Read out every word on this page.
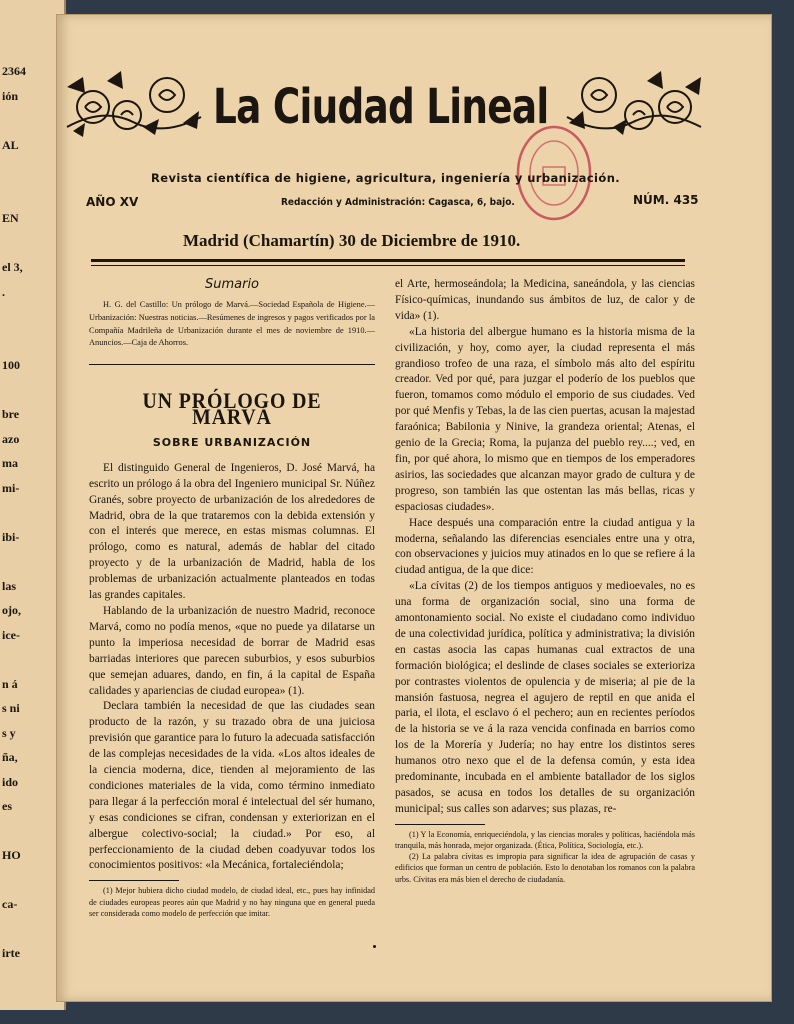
2364
ión
AL
EN
el 3,
.
100
bre
azo
ma
mi-
ibi-
las
ojo,
ice-
n á
s ni
s y
ña,
ido
es
HO
ca-
irte
La Ciudad Lineal
Revista científica de higiene, agricultura, ingeniería y urbanización.
AÑO XV	Redacción y Administración: Cagasca, 6, bajo.	NÚM. 435
Madrid (Chamartín) 30 de Diciembre de 1910.
Sumario

H. G. del Castillo: Un prólogo de Marvá.—Sociedad Española de Higiene.—Urbanización: Nuestras noticias.—Resúmenes de ingresos y pagos verificados por la Compañía Madrileña de Urbanización durante el mes de noviembre de 1910.—Anuncios.—Caja de Ahorros.

UN PRÓLOGO DE MARVÁ
SOBRE URBANIZACIÓN

El distinguido General de Ingenieros, D. José Marvá, ha escrito un prólogo á la obra del Ingeniero municipal Sr. Núñez Granés, sobre proyecto de urbanización de los alrededores de Madrid, obra de la que trataremos con la debida extensión y con el interés que merece, en estas mismas columnas. El prólogo, como es natural, además de hablar del citado proyecto y de la urbanización de Madrid, habla de los problemas de urbanización actualmente planteados en todas las grandes capitales.

Hablando de la urbanización de nuestro Madrid, reconoce Marvá, como no podía menos, «que no puede ya dilatarse un punto la imperiosa necesidad de borrar de Madrid esas barriadas interiores que parecen suburbios, y esos suburbios que semejan aduares, dando, en fin, á la capital de España calidades y apariencias de ciudad europea» (1).

Declara también la necesidad de que las ciudades sean producto de la razón, y su trazado obra de una juiciosa previsión que garantice para lo futuro la adecuada satisfacción de las complejas necesidades de la vida. «Los altos ideales de la ciencia moderna, dice, tienden al mejoramiento de las condiciones materiales de la vida, como término inmediato para llegar á la perfección moral é intelectual del sér humano, y esas condiciones se cifran, condensan y exteriorizan en el albergue colectivo-social; la ciudad.» Por eso, al perfeccionamiento de la ciudad deben coadyuvar todos los conocimientos positivos: «la Mecánica, fortaleciéndola;

(1) Mejor hubiera dicho ciudad modelo, de ciudad ideal, etc., pues hay infinidad de ciudades europeas peores aún que Madrid y no hay ninguna que en general pueda ser considerada como modelo de perfección que imitar.

el Arte, hermoseándola; la Medicina, saneándola, y las ciencias Físico-químicas, inundando sus ámbitos de luz, de calor y de vida» (1).

«La historia del albergue humano es la historia misma de la civilización, y hoy, como ayer, la ciudad representa el más grandioso trofeo de una raza, el símbolo más alto del espíritu creador. Ved por qué, para juzgar el poderío de los pueblos que fueron, tomamos como módulo el emporio de sus ciudades. Ved por qué Menfis y Tebas, la de las cien puertas, acusan la majestad faraónica; Babilonia y Ninive, la grandeza oriental; Atenas, el genio de la Grecia; Roma, la pujanza del pueblo rey....; ved, en fin, por qué ahora, lo mismo que en tiempos de los emperadores asirios, las sociedades que alcanzan mayor grado de cultura y de progreso, son también las que ostentan las más bellas, ricas y espaciosas ciudades».

Hace después una comparación entre la ciudad antigua y la moderna, señalando las diferencias esenciales entre una y otra, con observaciones y juicios muy atinados en lo que se refiere á la ciudad antigua, de la que dice:

«La cívitas (2) de los tiempos antiguos y medioevales, no es una forma de organización social, sino una forma de amontonamiento social. No existe el ciudadano como individuo de una colectividad jurídica, política y administrativa; la división en castas asocia las capas humanas cual extractos de una formación biológica; el deslinde de clases sociales se exterioriza por contrastes violentos de opulencia y de miseria; al pie de la mansión fastuosa, negrea el agujero de reptil en que anida el paria, el ilota, el esclavo ó el pechero; aun en recientes períodos de la historia se ve á la raza vencida confinada en barrios como los de la Morería y Judería; no hay entre los distintos seres humanos otro nexo que el de la defensa común, y esta idea predominante, incubada en el ambiente batallador de los siglos pasados, se acusa en todos los detalles de su organización municipal; sus calles son adarves; sus plazas, re-

(1) Y la Economía, enriqueciéndola, y las ciencias morales y políticas, haciéndola más tranquila, más honrada, mejor organizada. (Ética, Política, Sociología, etc.).

(2) La palabra cívitas es impropia para significar la idea de agrupación de casas y edificios que forman un centro de población. Esto lo denotaban los romanos con la palabra urbs. Cívitas era más bien el derecho de ciudadanía.
